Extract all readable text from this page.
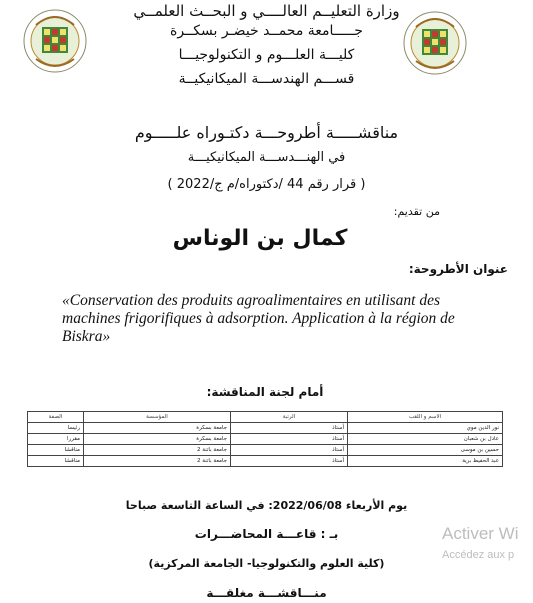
وزارة التعليــم العالــــي و البحــث العلمــي
جـــــامعة محمــد خيضـر بسكــرة
كليـــة العلـــوم و التكنولوجيـــا
قســـم الهندســـة الميكانيكيــة
مناقشـــــة أطروحـــة دكتـوراه علـــــوم
في الهنـــدســـة الميكانيكيـــة
( قرار رقم 44 /دكتوراه/م ج/2022 )
من تقديم:
كمال بن الوناس
عنوان الأطروحة:
«Conservation des produits agroalimentaires en utilisant des machines frigorifiques à adsorption. Application à la région de Biskra»
أمام لجنة المناقشة:
الاسم و اللقب	الرتبة	المؤسسة	الصفة
نور الدين موي	أستاذ	جامعة بسكرة	رئيسا
عادل بن شعبان	أستاذ	جامعة بسكرة	مقررا
حسين بن موسى	أستاذ	جامعة باتنة 2	مناقشا
عبد الحفيظ برية	أستاذ	جامعة باتنة 2	مناقشا
يوم الأربعاء 2022/06/08: في الساعة التاسعة صباحا
بـ : قاعـــة المحاضـــرات
(كلية العلوم والتكنولوجيا- الجامعة المركزية)
منـــاقشـــة مغلقـــة
Activer Wi
Accédez aux p
